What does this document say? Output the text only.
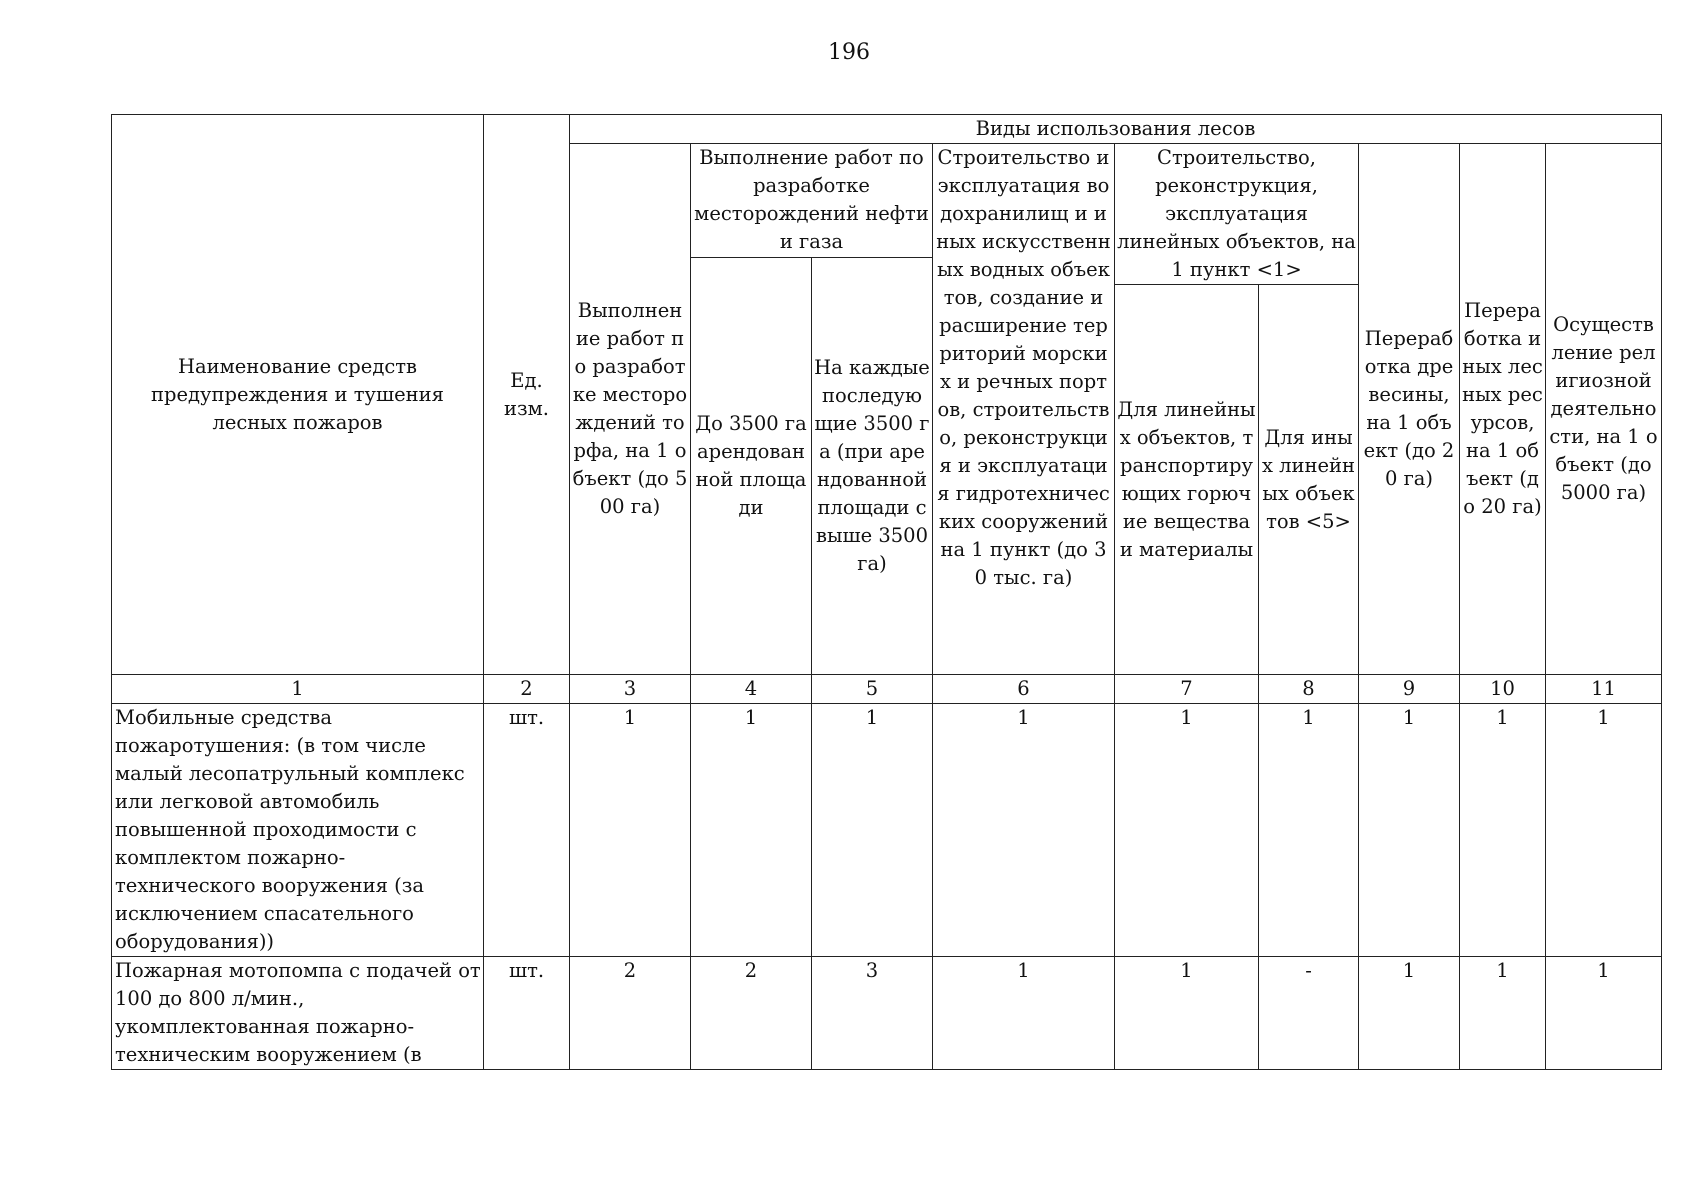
196
Наименование средств предупреждения и тушения лесных пожаров	Ед. изм.	Виды использования лесов								
		Выполнение работ по разработке месторождений торфа, на 1 объект (до 500 га)	Выполнение работ по разработке месторождений нефти и газа		Строительство и эксплуатация водохранилищ и иных искусственных водных объектов, создание и расширение территорий морских и речных портов, строительство, реконструкция и эксплуатация гидротехнических сооружений на 1 пункт (до 30 тыс. га)	Строительство, реконструкция, эксплуатация линейных объектов, на 1 пункт <1>		Переработка древесины, на 1 объект (до 20 га)	Переработка иных лесных ресурсов, на 1 объект (до 20 га)	Осуществление религиозной деятельности, на 1 объект (до 5000 га)
			До 3500 га арендованной площади	На каждые последующие 3500 га (при арендованной площади свыше 3500 га)						
						Для линейных объектов, транспортирующих горючие вещества и материалы	Для иных линейных объектов <5>			
1	2	3	4	5	6	7	8	9	10	11
Мобильные средства пожаротушения: (в том числе малый лесопатрульный комплекс или легковой автомобиль повышенной проходимости с комплектом пожарно-технического вооружения (за исключением спасательного оборудования))	шт.	1	1	1	1	1	1	1	1	1
Пожарная мотопомпа с подачей от 100 до 800 л/мин., укомплектованная пожарно-техническим вооружением (в	шт.	2	2	3	1	1	-	1	1	1
